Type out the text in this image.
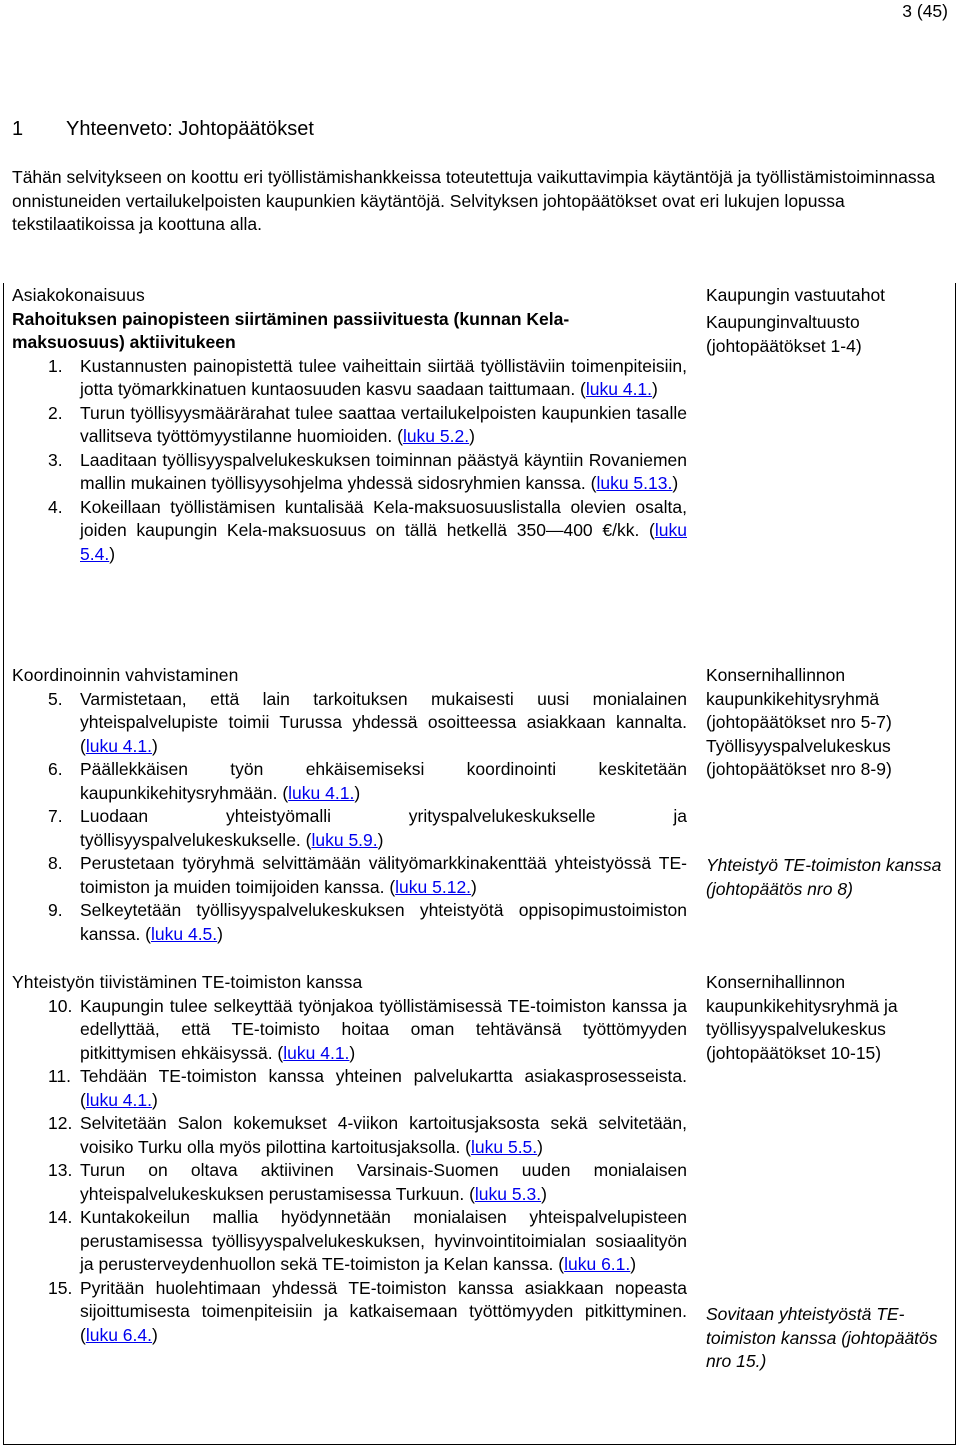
3 (45)
1 Yhteenveto: Johtopäätökset

Tähän selvitykseen on koottu eri työllistämishankkeissa toteutettuja vaikuttavimpia käytäntöjä ja työllistämistoiminnassa onnistuneiden vertailukelpoisten kaupunkien käytäntöjä. Selvityksen johtopäätökset ovat eri lukujen lopussa tekstilaatikoissa ja koottuna alla.

Asiakokonaisuus
Rahoituksen painopisteen siirtäminen passiivituesta (kunnan Kela-maksuosuus) aktiivitukeen
1. Kustannusten painopistettä tulee vaiheittain siirtää työllistäviin toimenpiteisiin, jotta työmarkkinatuen kuntaosuuden kasvu saadaan taittumaan. (luku 4.1.)
2. Turun työllisyysmäärärahat tulee saattaa vertailukelpoisten kaupunkien tasalle vallitseva työttömyystilanne huomioiden. (luku 5.2.)
3. Laaditaan työllisyyspalvelukeskuksen toiminnan päästyä käyntiin Rovaniemen mallin mukainen työllisyysohjelma yhdessä sidosryhmien kanssa. (luku 5.13.)
4. Kokeillaan työllistämisen kuntalisää Kela-maksuosuuslistalla olevien osalta, joiden kaupungin Kela-maksuosuus on tällä hetkellä 350—400 €/kk. (luku 5.4.)
Koordinoinnin vahvistaminen
5. Varmistetaan, että lain tarkoituksen mukaisesti uusi monialainen yhteispalvelupiste toimii Turussa yhdessä osoitteessa asiakkaan kannalta. (luku 4.1.)
6. Päällekkäisen työn ehkäisemiseksi koordinointi keskitetään kaupunkikehitysryhmään. (luku 4.1.)
7. Luodaan yhteistyömalli yrityspalvelukeskukselle ja työllisyyspalvelukeskukselle. (luku 5.9.)
8. Perustetaan työryhmä selvittämään välityömarkkinakenttää yhteistyössä TE-toimiston ja muiden toimijoiden kanssa. (luku 5.12.)
9. Selkeytetään työllisyyspalvelukeskuksen yhteistyötä oppisopimustoimiston kanssa. (luku 4.5.)
Yhteistyön tiivistäminen TE-toimiston kanssa
10. Kaupungin tulee selkeyttää työnjakoa työllistämisessä TE-toimiston kanssa ja edellyttää, että TE-toimisto hoitaa oman tehtävänsä työttömyyden pitkittymisen ehkäisyssä. (luku 4.1.)
11. Tehdään TE-toimiston kanssa yhteinen palvelukartta asiakasprosesseista. (luku 4.1.)
12. Selvitetään Salon kokemukset 4-viikon kartoitusjaksosta sekä selvitetään, voisiko Turku olla myös pilottina kartoitusjaksolla. (luku 5.5.)
13. Turun on oltava aktiivinen Varsinais-Suomen uuden monialaisen yhteispalvelukeskuksen perustamisessa Turkuun. (luku 5.3.)
14. Kuntakokeilun mallia hyödynnetään monialaisen yhteispalvelupisteen perustamisessa työllisyyspalvelukeskuksen, hyvinvointitoimialan sosiaalityön ja perusterveydenhuollon sekä TE-toimiston ja Kelan kanssa. (luku 6.1.)
15. Pyritään huolehtimaan yhdessä TE-toimiston kanssa asiakkaan nopeasta sijoittumisesta toimenpiteisiin ja katkaisemaan työttömyyden pitkittyminen. (luku 6.4.)
Kaupungin vastuutahot
Kaupunginvaltuusto (johtopäätökset 1-4)
Konsernihallinnon kaupunkikehitysryhmä (johtopäätökset nro 5-7) Työllisyyspalvelukeskus (johtopäätökset nro 8-9)
Yhteistyö TE-toimiston kanssa (johtopäätös nro 8)
Konsernihallinnon kaupunkikehitysryhmä ja työllisyyspalvelukeskus (johtopäätökset 10-15)
Sovitaan yhteistyöstä TE-toimiston kanssa (johtopäätös nro 15.)
